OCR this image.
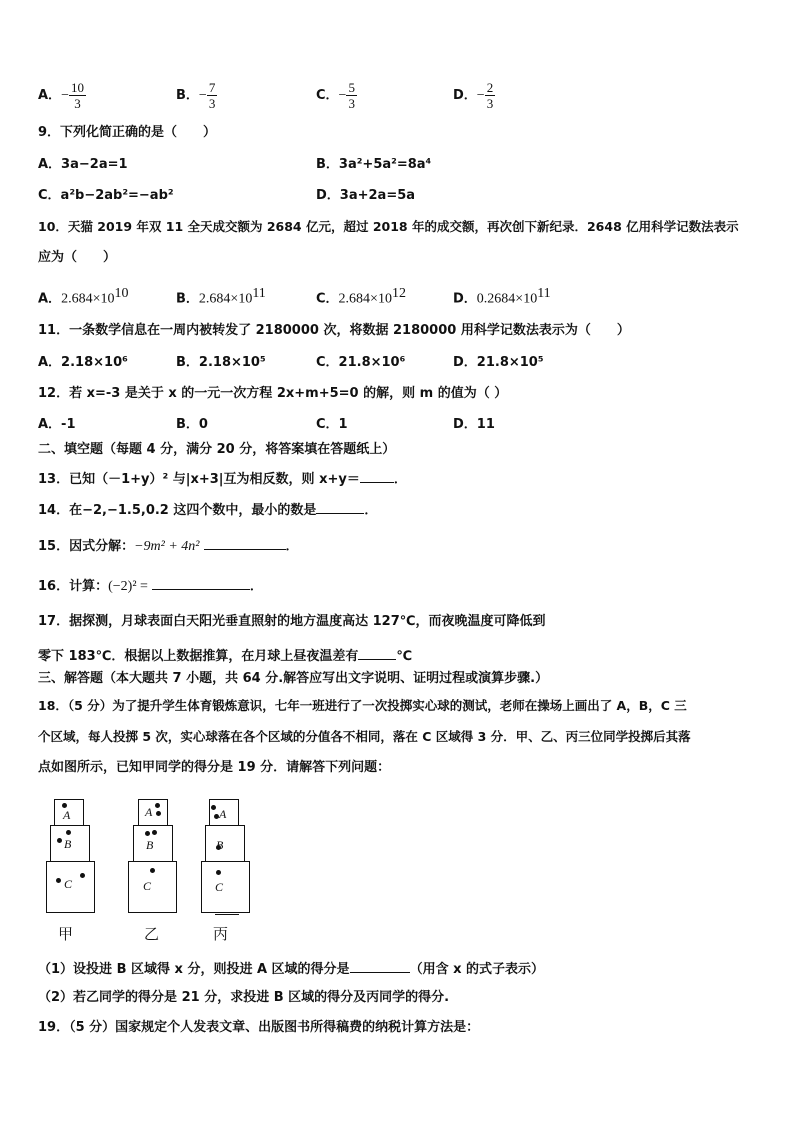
A．− $\frac{10}{3}$	B．− $\frac{7}{3}$	C．− $\frac{5}{3}$	D．− $\frac{2}{3}$
9．下列化简正确的是（　　）
A．3a−2a=1	B．3a²+5a²=8a⁴
C．a²b−2ab²=−ab²	D．3a+2a=5a
10．天猫 2019 年双 11 全天成交额为 2684 亿元，超过 2018 年的成交额，再次创下新纪录．2648 亿用科学记数法表示
应为（　　）
A．$2.684\times 10^{10}$	B．$2.684\times 10^{11}$	C．$2.684\times 10^{12}$	D．$0.2684\times 10^{11}$
11．一条数学信息在一周内被转发了 2180000 次，将数据 2180000 用科学记数法表示为（　　）
A．2.18×10⁶	B．2.18×10⁵	C．21.8×10⁶	D．21.8×10⁵
12．若 x=-3 是关于 x 的一元一次方程 2x+m+5=0 的解，则 m 的值为（ ）
A．-1	B．0	C．1	D．11
二、填空题（每题 4 分，满分 20 分，将答案填在答题纸上）
13．已知（－1+y）² 与|x+3|互为相反数，则 x+y＝	．
14．在−2,−1.5,0.2 这四个数中，最小的数是	．
15．因式分解：−9m² + 4n²	．
16．计算：(−2)² =	．
17．据探测，月球表面白天阳光垂直照射的地方温度高达 127℃，而夜晚温度可降低到
零下 183℃．根据以上数据推算，在月球上昼夜温差有	℃
三、解答题（本大题共 7 小题，共 64 分.解答应写出文字说明、证明过程或演算步骤.）
18．（5 分）为了提升学生体育锻炼意识，七年一班进行了一次投掷实心球的测试，老师在操场上画出了 A，B，C 三
个区域，每人投掷 5 次，实心球落在各个区域的分值各不相同，落在 C 区域得 3 分．甲、乙、丙三位同学投掷后其落
点如图所示，已知甲同学的得分是 19 分．请解答下列问题：
A
B
C
甲
A
B
C
乙
A
B
C
丙
（1）设投进 B 区域得 x 分，则投进 A 区域的得分是	（用含 x 的式子表示）
（2）若乙同学的得分是 21 分，求投进 B 区域的得分及丙同学的得分.
19．（5 分）国家规定个人发表文章、出版图书所得稿费的纳税计算方法是：
